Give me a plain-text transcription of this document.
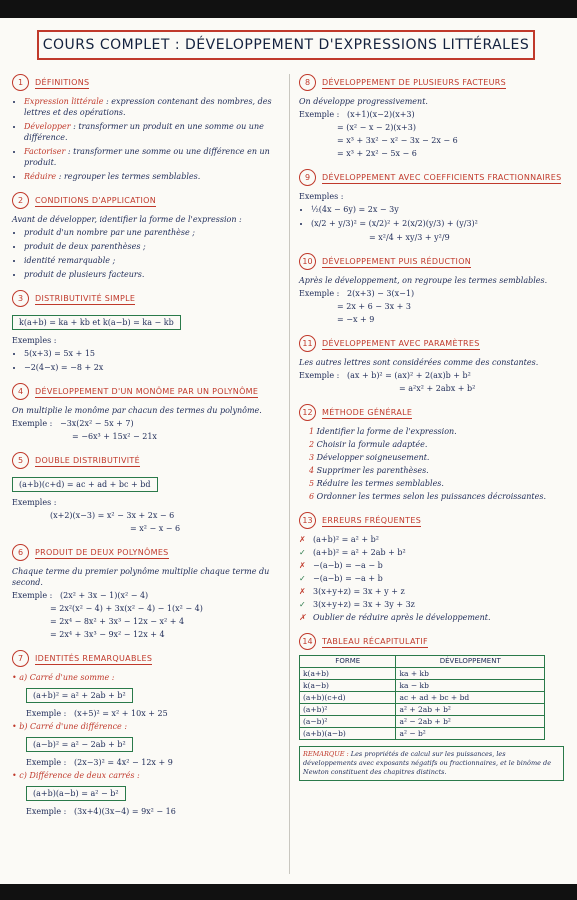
COURS COMPLET : DÉVELOPPEMENT D'EXPRESSIONS LITTÉRALES
1	DÉFINITIONS
• Expression littérale : expression contenant des nombres, des lettres et des opérations.
• Développer : transformer un produit en une somme ou une différence.
• Factoriser : transformer une somme ou une différence en un produit.
• Réduire : regrouper les termes semblables.
2	CONDITIONS D'APPLICATION
Avant de développer, identifier la forme de l'expression :
• produit d'un nombre par une parenthèse ;
• produit de deux parenthèses ;
• identité remarquable ;
• produit de plusieurs facteurs.
3	DISTRIBUTIVITÉ SIMPLE
k(a+b) = ka + kb et k(a−b) = ka − kb
Exemples :
• 5(x+3) = 5x + 15
• −2(4−x) = −8 + 2x
4	DÉVELOPPEMENT D'UN MONÔME PAR UN POLYNÔME
On multiplie le monôme par chacun des termes du polynôme.
Exemple : −3x(2x² − 5x + 7)
= −6x³ + 15x² − 21x
5	DOUBLE DISTRIBUTIVITÉ
(a+b)(c+d) = ac + ad + bc + bd
Exemples :
(x+2)(x−3) = x² − 3x + 2x − 6
= x² − x − 6
6	PRODUIT DE DEUX POLYNÔMES
Chaque terme du premier polynôme multiplie chaque terme du second.
Exemple : (2x² + 3x − 1)(x² − 4)
= 2x²(x² − 4) + 3x(x² − 4) − 1(x² − 4)
= 2x⁴ − 8x² + 3x³ − 12x − x² + 4
= 2x⁴ + 3x³ − 9x² − 12x + 4
7	IDENTITÉS REMARQUABLES
• a) Carré d'une somme :
(a+b)² = a² + 2ab + b²
Exemple : (x+5)² = x² + 10x + 25
• b) Carré d'une différence :
(a−b)² = a² − 2ab + b²
Exemple : (2x−3)² = 4x² − 12x + 9
• c) Différence de deux carrés :
(a+b)(a−b) = a² − b²
Exemple : (3x+4)(3x−4) = 9x² − 16
8	DÉVELOPPEMENT DE PLUSIEURS FACTEURS
On développe progressivement.
Exemple : (x+1)(x−2)(x+3)
= (x² − x − 2)(x+3)
= x³ + 3x² − x² − 3x − 2x − 6
= x³ + 2x² − 5x − 6
9	DÉVELOPPEMENT AVEC COEFFICIENTS FRACTIONNAIRES
Exemples :
• ½(4x − 6y) = 2x − 3y
• (x/2 + y/3)² = (x/2)² + 2(x/2)(y/3) + (y/3)²
= x²/4 + xy/3 + y²/9
10	DÉVELOPPEMENT PUIS RÉDUCTION
Après le développement, on regroupe les termes semblables.
Exemple : 2(x+3) − 3(x−1)
= 2x + 6 − 3x + 3
= −x + 9
11	DÉVELOPPEMENT AVEC PARAMÈTRES
Les autres lettres sont considérées comme des constantes.
Exemple : (ax + b)² = (ax)² + 2(ax)b + b²
= a²x² + 2abx + b²
12	MÉTHODE GÉNÉRALE
1 Identifier la forme de l'expression.
2 Choisir la formule adaptée.
3 Développer soigneusement.
4 Supprimer les parenthèses.
5 Réduire les termes semblables.
6 Ordonner les termes selon les puissances décroissantes.
13	ERREURS FRÉQUENTES
✗ (a+b)² = a² + b²
✓ (a+b)² = a² + 2ab + b²
✗ −(a−b) = −a − b
✓ −(a−b) = −a + b
✗ 3(x+y+z) = 3x + y + z
✓ 3(x+y+z) = 3x + 3y + 3z
✗ Oublier de réduire après le développement.
14	TABLEAU RÉCAPITULATIF
FORME	DÉVELOPPEMENT
k(a+b)	ka + kb
k(a−b)	ka − kb
(a+b)(c+d)	ac + ad + bc + bd
(a+b)²	a² + 2ab + b²
(a−b)²	a² − 2ab + b²
(a+b)(a−b)	a² − b²
REMARQUE : Les propriétés de calcul sur les puissances, les développements avec exposants négatifs ou fractionnaires, et le binôme de Newton constituent des chapitres distincts.
